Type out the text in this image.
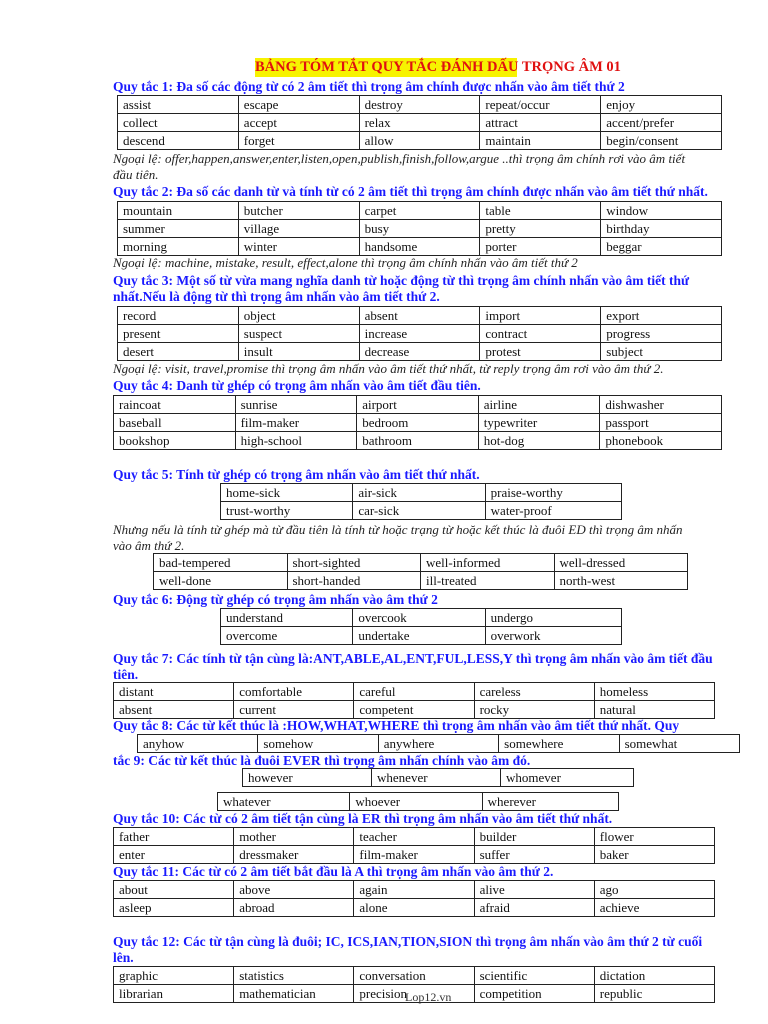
BẢNG TÓM TẮT QUY TẮC ĐÁNH DẤU TRỌNG ÂM 01
Quy tắc 1: Đa số các động từ có 2 âm tiết thì trọng âm chính được nhấn vào âm tiết thứ 2
assist	escape	destroy	repeat/occur	enjoy
collect	accept	relax	attract	accent/prefer
descend	forget	allow	maintain	begin/consent
Ngoại lệ: offer,happen,answer,enter,listen,open,publish,finish,follow,argue ..thì trọng âm chính rơi vào âm tiết
đầu tiên.
Quy tắc 2: Đa số các danh từ và tính từ có 2 âm tiết thì trọng âm chính được nhấn vào âm tiết thứ nhất.
mountain	butcher	carpet	table	window
summer	village	busy	pretty	birthday
morning	winter	handsome	porter	beggar
Ngoại lệ: machine, mistake, result, effect,alone thì trọng âm chính nhấn vào âm tiết thứ 2
Quy tắc 3: Một số từ vừa mang nghĩa danh từ hoặc động từ thì trọng âm chính nhấn vào âm tiết thứ
nhất.Nếu là động từ thì trọng âm nhấn vào âm tiết thứ 2.
record	object	absent	import	export
present	suspect	increase	contract	progress
desert	insult	decrease	protest	subject
Ngoại lệ: visit, travel,promise thì trọng âm nhấn vào âm tiết thứ nhất, từ reply trọng âm rơi vào âm thứ 2.
Quy tắc 4: Danh từ ghép có trọng âm nhấn vào âm tiết đầu tiên.
raincoat	sunrise	airport	airline	dishwasher
baseball	film-maker	bedroom	typewriter	passport
bookshop	high-school	bathroom	hot-dog	phonebook
Quy tắc 5: Tính từ ghép có trọng âm nhấn vào âm tiết thứ nhất.
home-sick	air-sick	praise-worthy
trust-worthy	car-sick	water-proof
Nhưng nếu là tính từ ghép mà từ đầu tiên là tính từ hoặc trạng từ hoặc kết thúc là đuôi ED thì trọng âm nhấn
vào âm thứ 2.
bad-tempered	short-sighted	well-informed	well-dressed
well-done	short-handed	ill-treated	north-west
Quy tắc 6: Động từ ghép có trọng âm nhấn vào âm thứ 2
understand	overcook	undergo
overcome	undertake	overwork
Quy tắc 7: Các tính từ tận cùng là:ANT,ABLE,AL,ENT,FUL,LESS,Y thì trọng âm nhấn vào âm tiết đầu
tiên.
distant	comfortable	careful	careless	homeless
absent	current	competent	rocky	natural
Quy tắc 8: Các từ kết thúc là :HOW,WHAT,WHERE thì trọng âm nhấn vào âm tiết thứ nhất. Quy
anyhow	somehow	anywhere	somewhere	somewhat
tắc 9: Các từ kết thúc là đuôi EVER thì trọng âm nhấn chính vào âm đó.
however	whenever	whomever
whatever	whoever	wherever
Quy tắc 10: Các từ có 2 âm tiết tận cùng là ER thì trọng âm nhấn vào âm tiết thứ nhất.
father	mother	teacher	builder	flower
enter	dressmaker	film-maker	suffer	baker
Quy tắc 11: Các từ có 2 âm tiết bắt đầu là A thì trọng âm nhấn vào âm thứ 2.
about	above	again	alive	ago
asleep	abroad	alone	afraid	achieve
Quy tắc 12: Các từ tận cùng là đuôi; IC, ICS,IAN,TION,SION thì trọng âm nhấn vào âm thứ 2 từ cuối
lên.
graphic	statistics	conversation	scientific	dictation
librarian	mathematician	precision	competition	republic
Lop12.vn
